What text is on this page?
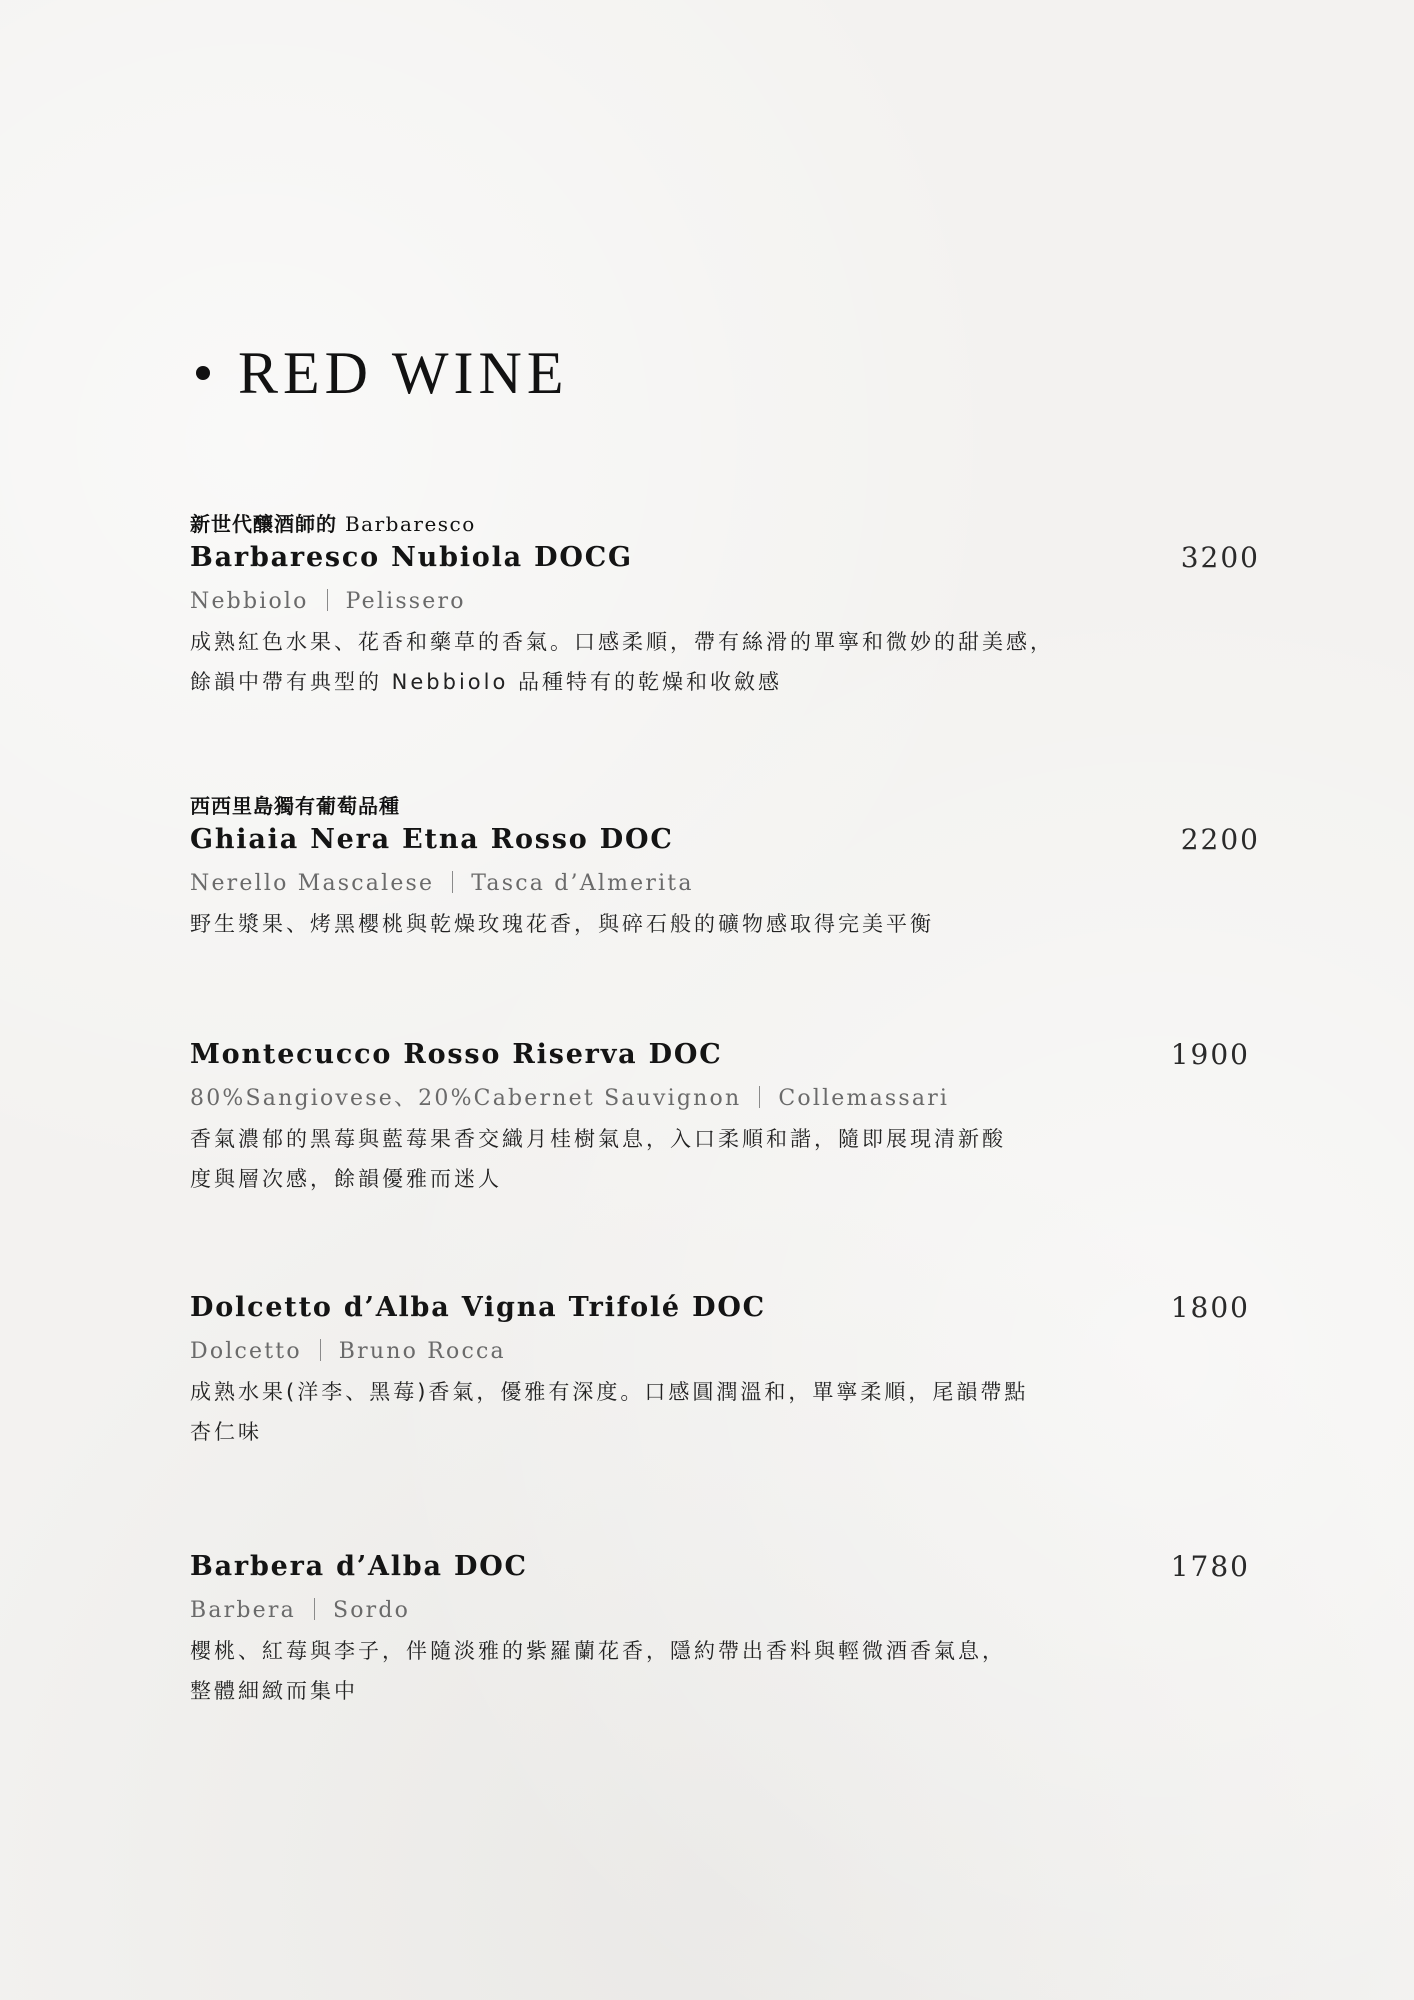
RED WINE
新世代釀酒師的 Barbaresco
Barbaresco Nubiola DOCG	3200
Nebbiolo Pelissero
成熟紅色水果、花香和藥草的香氣。口感柔順，帶有絲滑的單寧和微妙的甜美感，
餘韻中帶有典型的 Nebbiolo 品種特有的乾燥和收斂感
西西里島獨有葡萄品種
Ghiaia Nera Etna Rosso DOC	2200
Nerello Mascalese Tasca d’Almerita
野生漿果、烤黑櫻桃與乾燥玫瑰花香，與碎石般的礦物感取得完美平衡
Montecucco Rosso Riserva DOC	1900
80%Sangiovese、20%Cabernet Sauvignon Collemassari
香氣濃郁的黑莓與藍莓果香交織月桂樹氣息，入口柔順和諧，隨即展現清新酸
度與層次感，餘韻優雅而迷人
Dolcetto d’Alba Vigna Trifolé DOC	1800
Dolcetto Bruno Rocca
成熟水果(洋李、黑莓)香氣，優雅有深度。口感圓潤溫和，單寧柔順，尾韻帶點
杏仁味
Barbera d’Alba DOC	1780
Barbera Sordo
櫻桃、紅莓與李子，伴隨淡雅的紫羅蘭花香，隱約帶出香料與輕微酒香氣息，
整體細緻而集中
